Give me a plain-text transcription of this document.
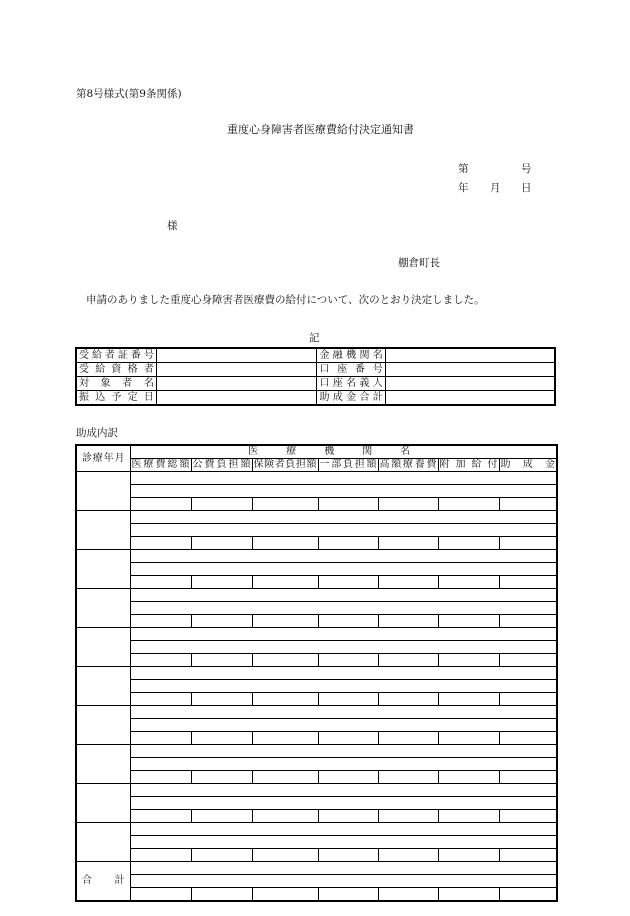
第8号様式(第9条関係)
重度心身障害者医療費給付決定通知書
第	号
年 月 日
様
棚倉町長
申請のありました重度心身障害者医療費の給付について、次のとおり決定しました。
記
受給者証番号		金融機関名	
受給資格者		口座番号	
対象者名		口座名義人	
振込予定日		助成金合計	
助成内訳
診療年月	医療機関名						
	医療費総額	公費負担額	保険者負担額	一部負担額	高額療養費	附加給付	助成金

合計							
